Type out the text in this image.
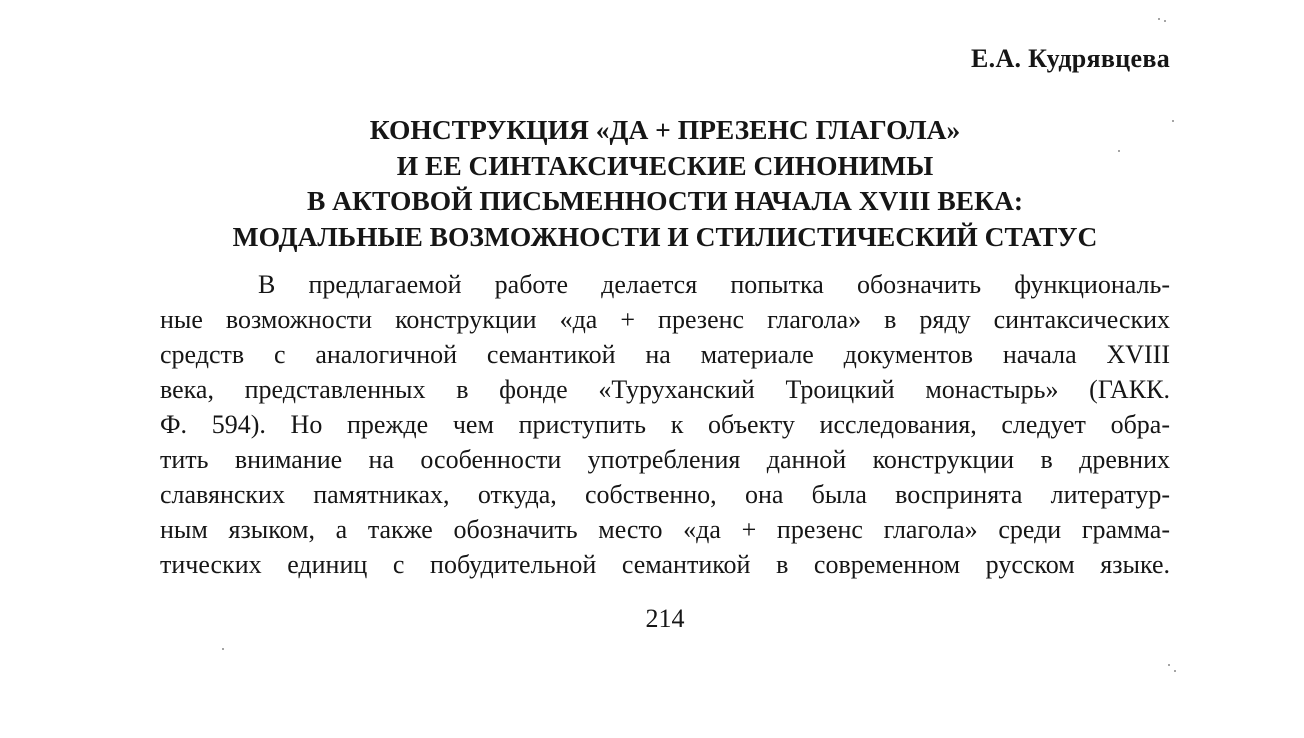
Е.А. Кудрявцева
КОНСТРУКЦИЯ «ДА + ПРЕЗЕНС ГЛАГОЛА»
И ЕЕ СИНТАКСИЧЕСКИЕ СИНОНИМЫ
В АКТОВОЙ ПИСЬМЕННОСТИ НАЧАЛА XVIII ВЕКА:
МОДАЛЬНЫЕ ВОЗМОЖНОСТИ И СТИЛИСТИЧЕСКИЙ СТАТУС
В предлагаемой работе делается попытка обозначить функциональ-
ные возможности конструкции «да + презенс глагола» в ряду синтаксических
средств с аналогичной семантикой на материале документов начала XVIII
века, представленных в фонде «Туруханский Троицкий монастырь» (ГАКК.
Ф. 594). Но прежде чем приступить к объекту исследования, следует обра-
тить внимание на особенности употребления данной конструкции в древних
славянских памятниках, откуда, собственно, она была воспринята литератур-
ным языком, а также обозначить место «да + презенс глагола» среди грамма-
тических единиц с побудительной семантикой в современном русском языке.
214
